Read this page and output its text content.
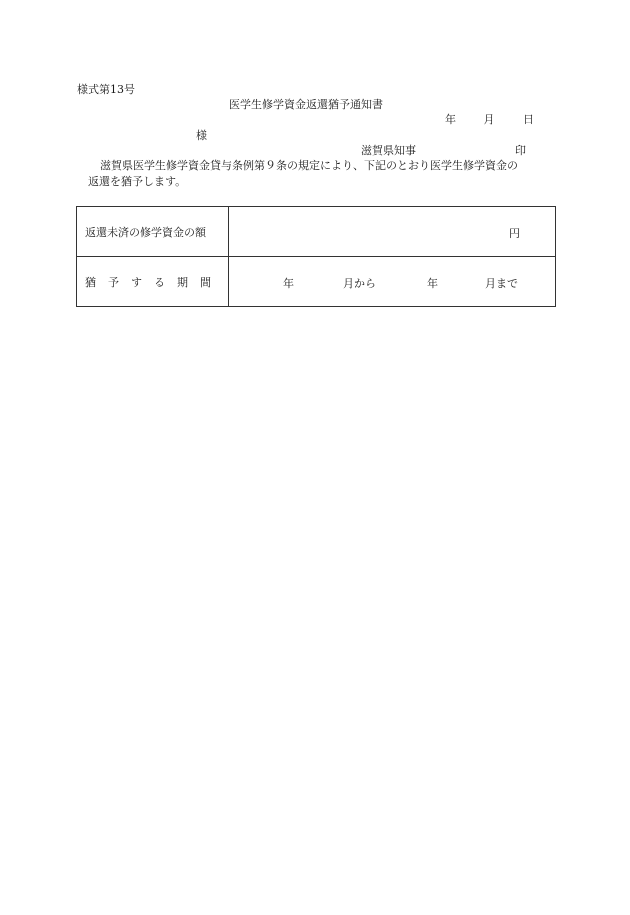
様式第13号
医学生修学資金返還猶予通知書
年	月	日
様
滋賀県知事	印
滋賀県医学生修学資金貸与条例第９条の規定により、下記のとおり医学生修学資金の
返還を猶予します。
返還未済の修学資金の額	円

猶予する期間	年 月から 年 月まで
